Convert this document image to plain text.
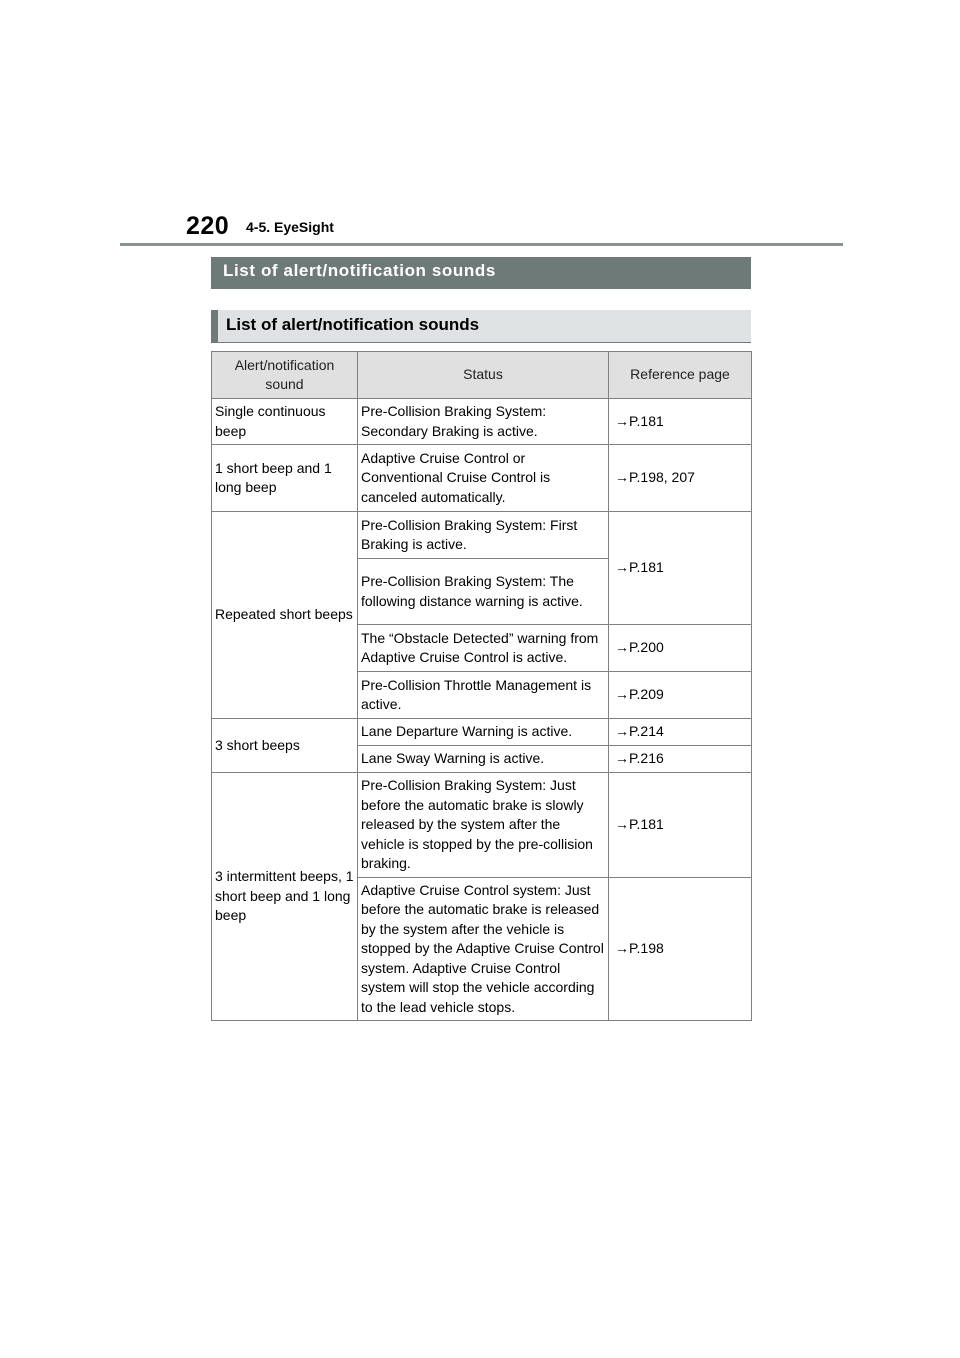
220 4-5. EyeSight
List of alert/notification sounds
List of alert/notification sounds
Alert/notification sound	Status	Reference page
Single continuous beep	Pre-Collision Braking System: Secondary Braking is active.	→P.181
1 short beep and 1 long beep	Adaptive Cruise Control or Conventional Cruise Control is canceled automatically.	→P.198, 207
Repeated short beeps	Pre-Collision Braking System: First Braking is active.	→P.181
	Pre-Collision Braking System: The following distance warning is active.	
	The “Obstacle Detected” warning from Adaptive Cruise Control is active.	→P.200
	Pre-Collision Throttle Management is active.	→P.209
3 short beeps	Lane Departure Warning is active.	→P.214
	Lane Sway Warning is active.	→P.216
3 intermittent beeps, 1 short beep and 1 long beep	Pre-Collision Braking System: Just before the automatic brake is slowly released by the system after the vehicle is stopped by the pre-collision braking.	→P.181
	Adaptive Cruise Control system: Just before the automatic brake is released by the system after the vehicle is stopped by the Adaptive Cruise Control system. Adaptive Cruise Control system will stop the vehicle according to the lead vehicle stops.	→P.198
